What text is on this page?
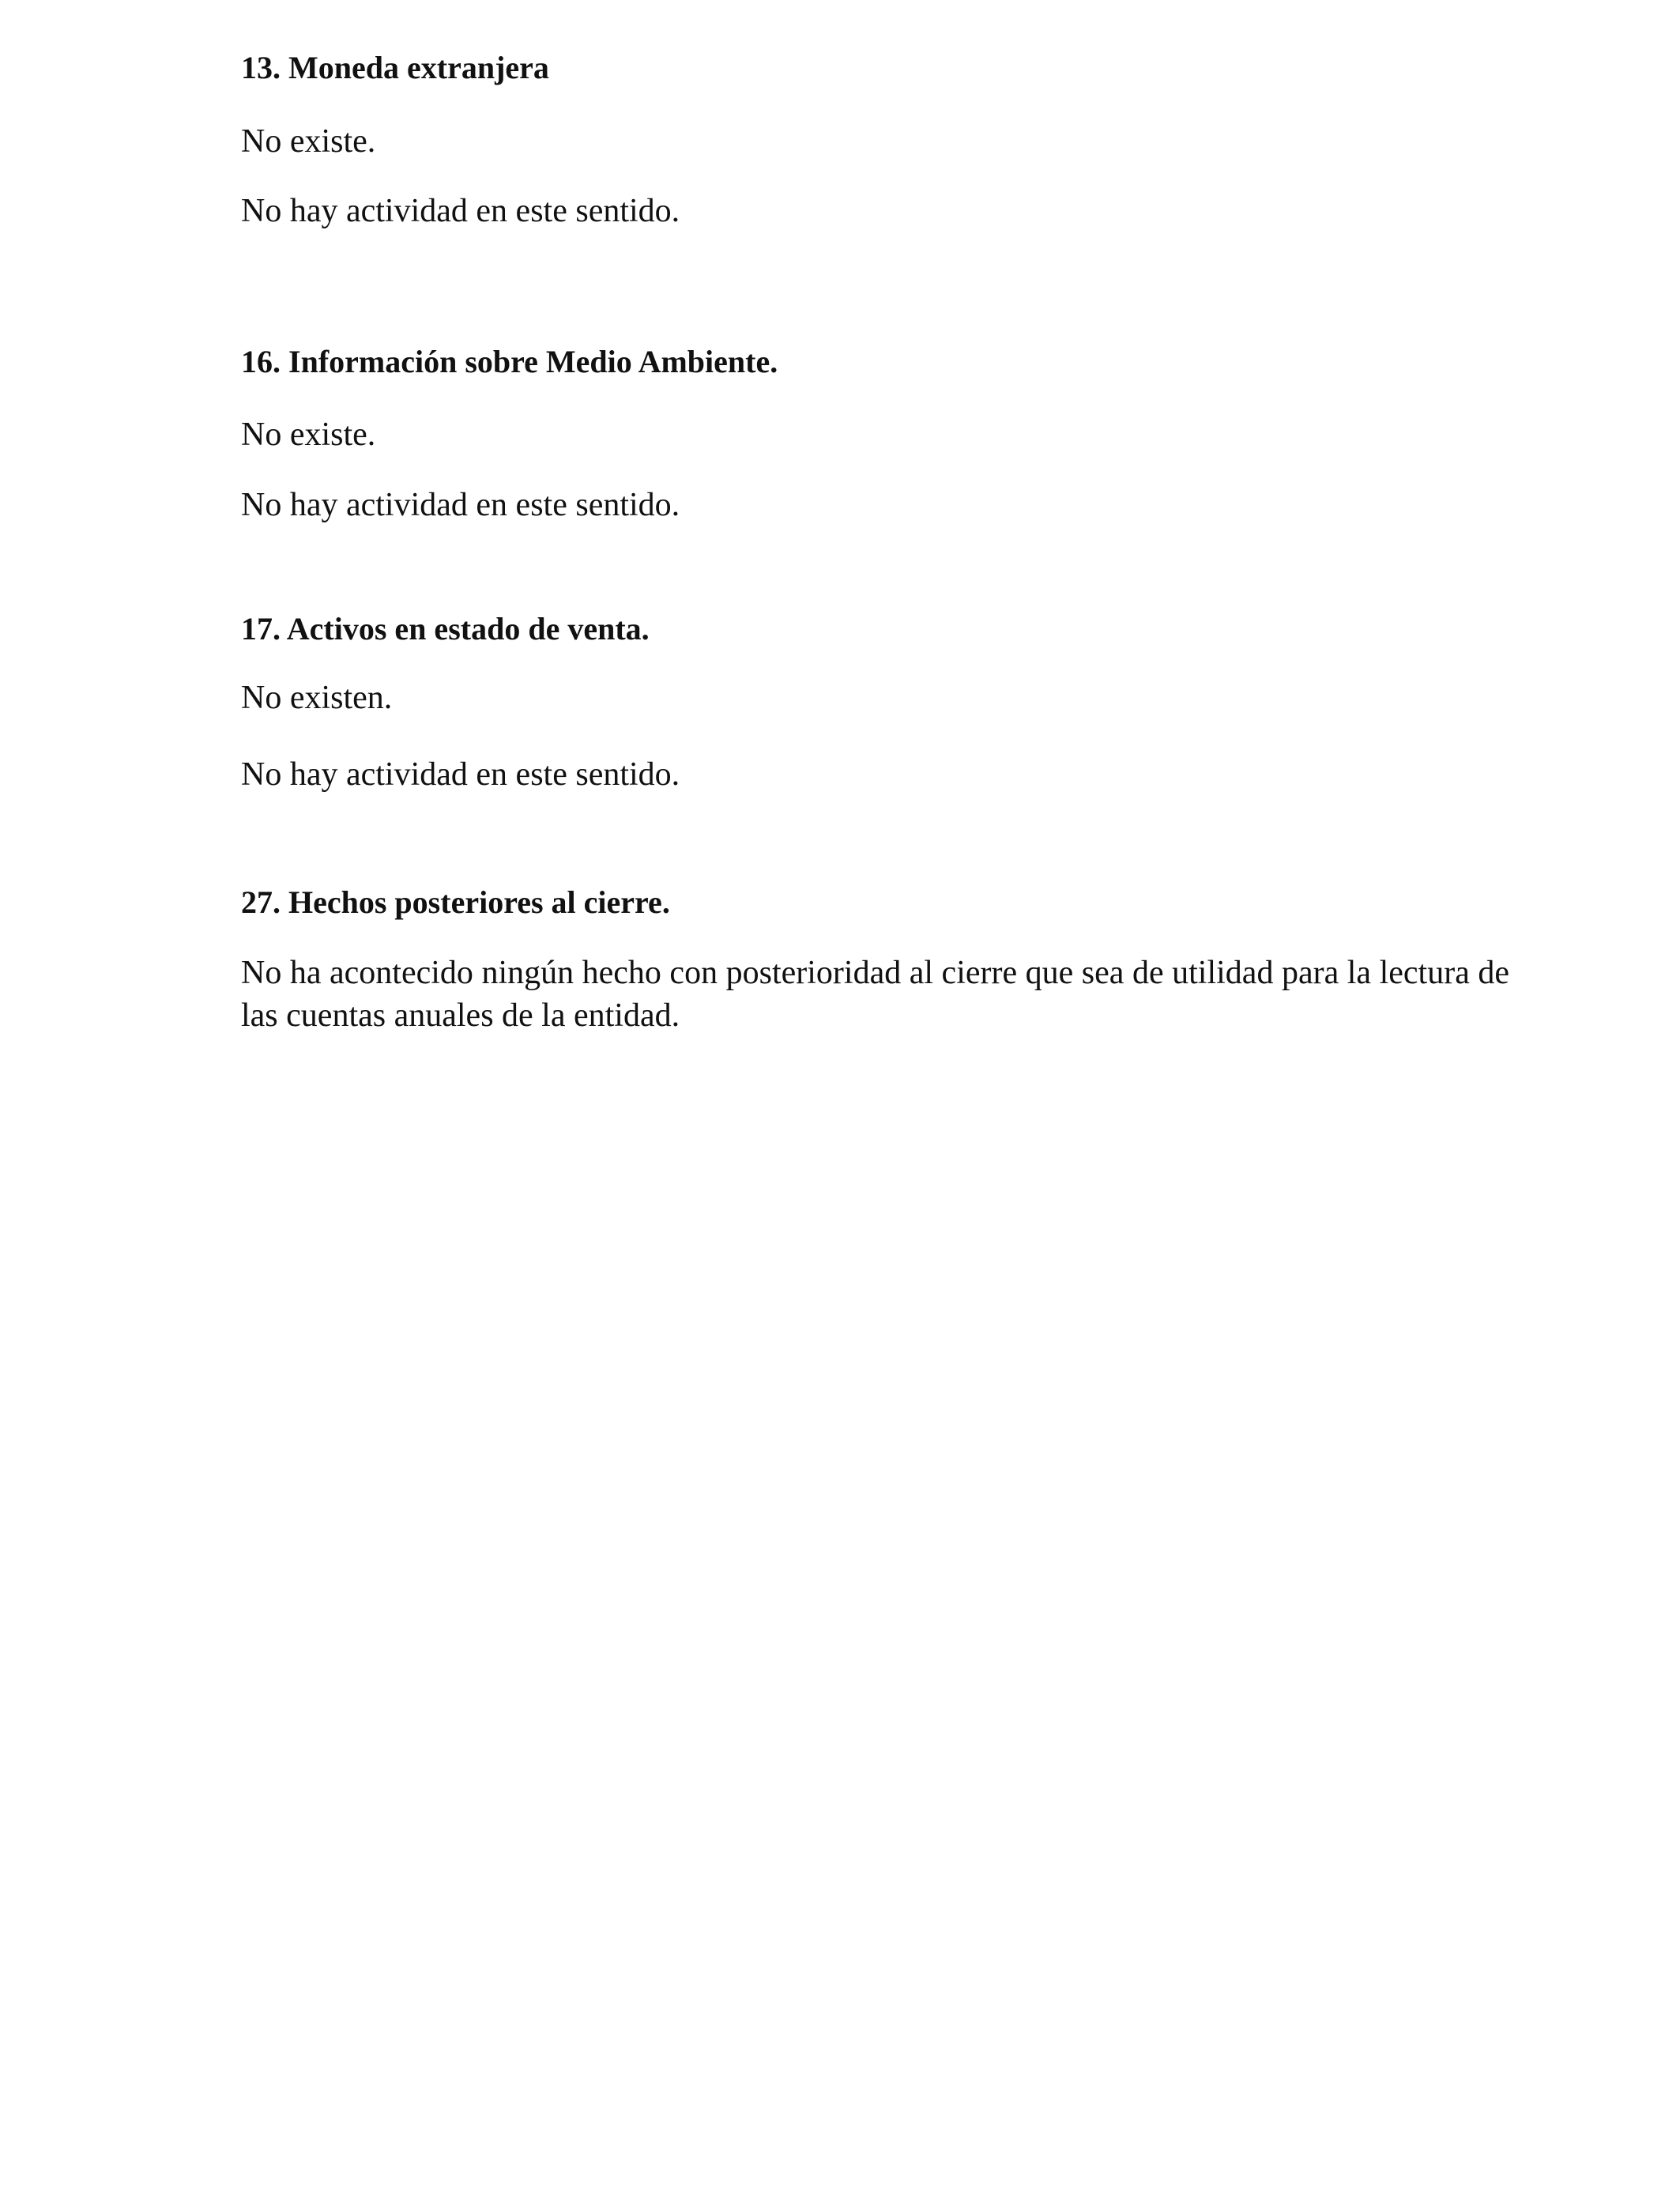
13. Moneda extranjera

No existe.

No hay actividad en este sentido.

16. Información sobre Medio Ambiente.

No existe.

No hay actividad en este sentido.

17. Activos en estado de venta.

No existen.

No hay actividad en este sentido.

27. Hechos posteriores al cierre.

No ha acontecido ningún hecho con posterioridad al cierre que sea de utilidad para la lectura de las cuentas anuales de la entidad.
